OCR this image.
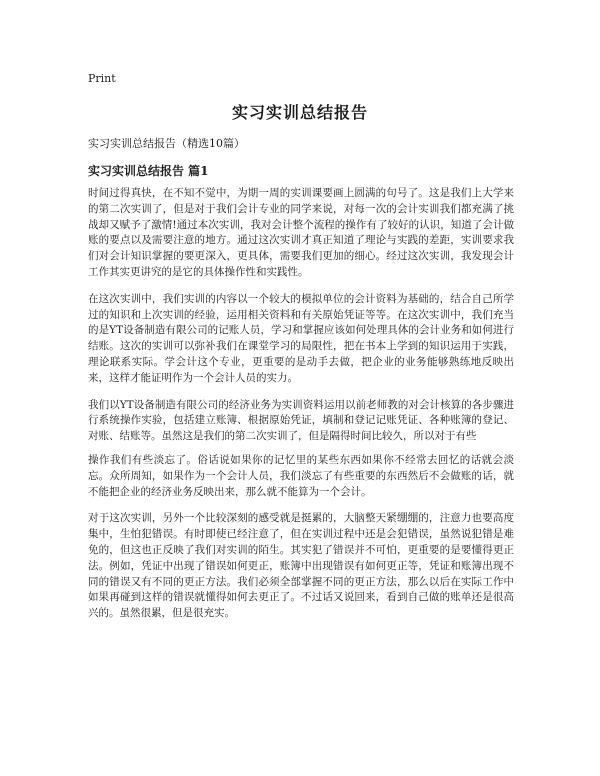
Print
实习实训总结报告

实习实训总结报告（精选10篇）

实习实训总结报告 篇1

时间过得真快，在不知不觉中，为期一周的实训课要画上圆满的句号了。这是我们上大学来的第二次实训了，但是对于我们会计专业的同学来说，对每一次的会计实训我们都充满了挑战却又赋予了激情!通过本次实训，我对会计整个流程的操作有了较好的认识，知道了会计做账的要点以及需要注意的地方。通过这次实训才真正知道了理论与实践的差距，实训要求我们对会计知识掌握的要更深入，更具体，需要我们更加的细心。经过这次实训，我发现会计工作其实更讲究的是它的具体操作性和实践性。

在这次实训中，我们实训的内容以一个较大的模拟单位的会计资料为基础的，结合自己所学过的知识和上次实训的经验，运用相关资料和有关原始凭证等等。在这次实训中，我们充当的是YT设备制造有限公司的记账人员，学习和掌握应该如何处理具体的会计业务和如何进行结账。这次的实训可以弥补我们在课堂学习的局限性，把在书本上学到的知识运用于实践，理论联系实际。学会计这个专业，更重要的是动手去做，把企业的业务能够熟练地反映出来，这样才能证明作为一个会计人员的实力。

我们以YT设备制造有限公司的经济业务为实训资料运用以前老师教的对会计核算的各步骤进行系统操作实验，包括建立账簿、根据原始凭证，填制和登记记账凭证、各种账簿的登记、对账、结账等。虽然这是我们的第二次实训了，但是隔得时间比较久，所以对于有些

操作我们有些淡忘了。俗话说如果你的记忆里的某些东西如果你不经常去回忆的话就会淡忘。众所周知，如果作为一个会计人员，我们淡忘了有些重要的东西然后不会做账的话，就不能把企业的经济业务反映出来，那么就不能算为一个会计。

对于这次实训，另外一个比较深刻的感受就是挺累的，大脑整天紧绷绷的，注意力也要高度集中，生怕犯错误。有时即使已经注意了，但在实训过程中还是会犯错误，虽然说犯错是难免的，但这也正反映了我们对实训的陌生。其实犯了错误并不可怕，更重要的是要懂得更正法。例如，凭证中出现了错误如何更正，账簿中出现错误有如何更正等，凭证和账簿出现不同的错误又有不同的更正方法。我们必须全部掌握不同的更正方法，那么以后在实际工作中如果再碰到这样的错误就懂得如何去更正了。不过话又说回来，看到自己做的账单还是很高兴的。虽然很累，但是很充实。
